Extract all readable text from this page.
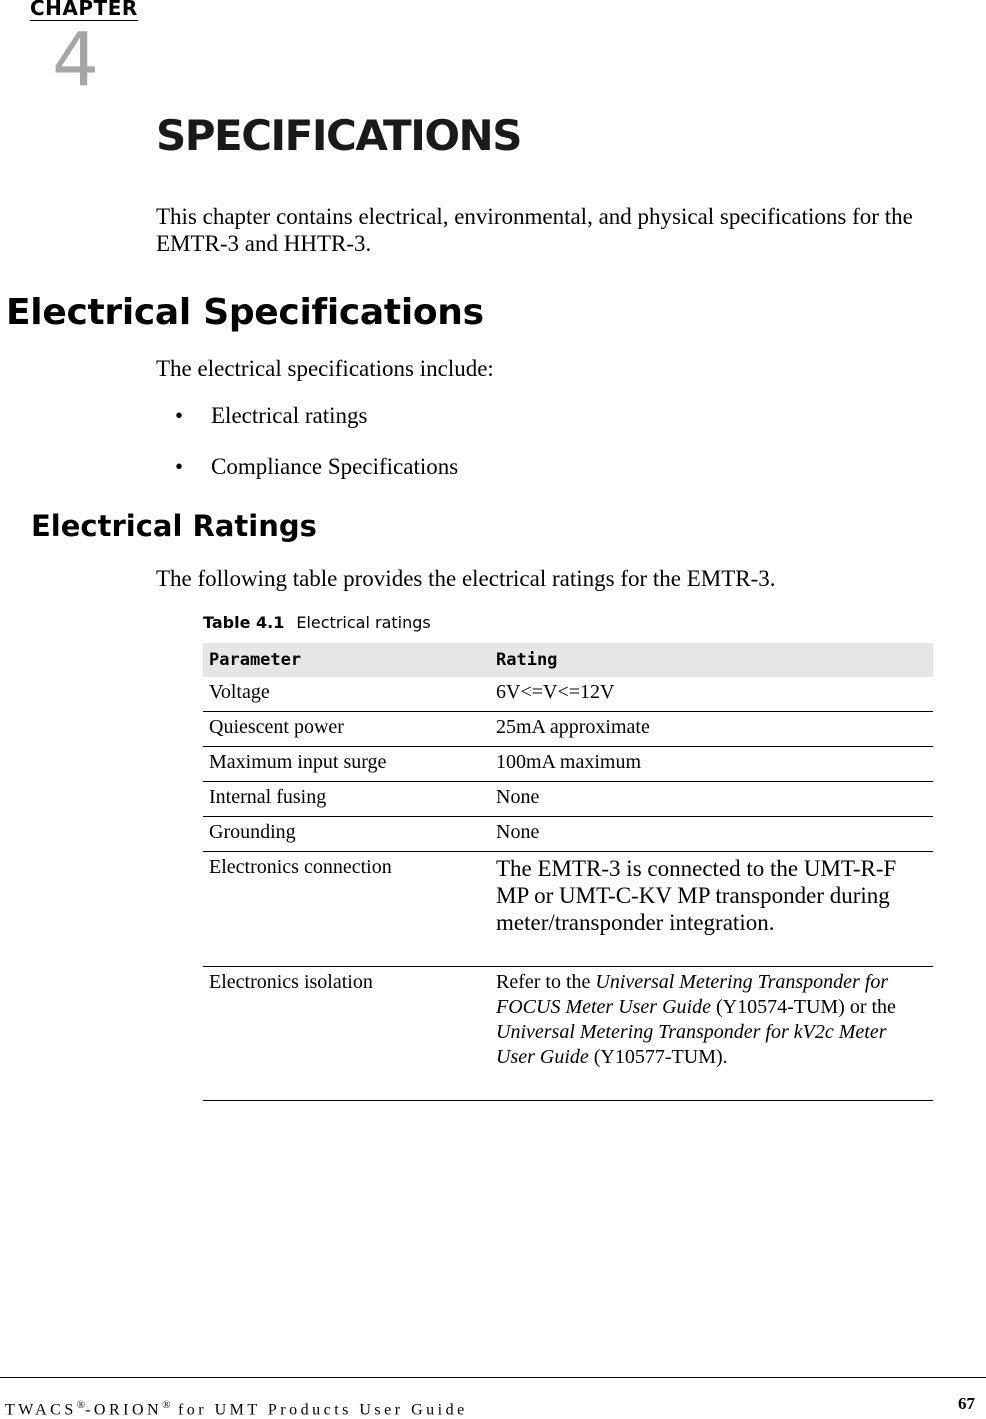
CHAPTER
4
SPECIFICATIONS
This chapter contains electrical, environmental, and physical specifications for the EMTR-3 and HHTR-3.
Electrical Specifications
The electrical specifications include:
• Electrical ratings
• Compliance Specifications
Electrical Ratings
The following table provides the electrical ratings for the EMTR-3.
Table 4.1 Electrical ratings
Parameter	Rating
Voltage	6V<=V<=12V
Quiescent power	25mA approximate
Maximum input surge	100mA maximum
Internal fusing	None
Grounding	None
Electronics connection	The EMTR-3 is connected to the UMT-R-F MP or UMT-C-KV MP transponder during meter/transponder integration.
Electronics isolation	Refer to the Universal Metering Transponder for FOCUS Meter User Guide (Y10574-TUM) or the Universal Metering Transponder for kV2c Meter User Guide (Y10577-TUM).
TWACS®-ORION® for UMT Products User Guide	67
